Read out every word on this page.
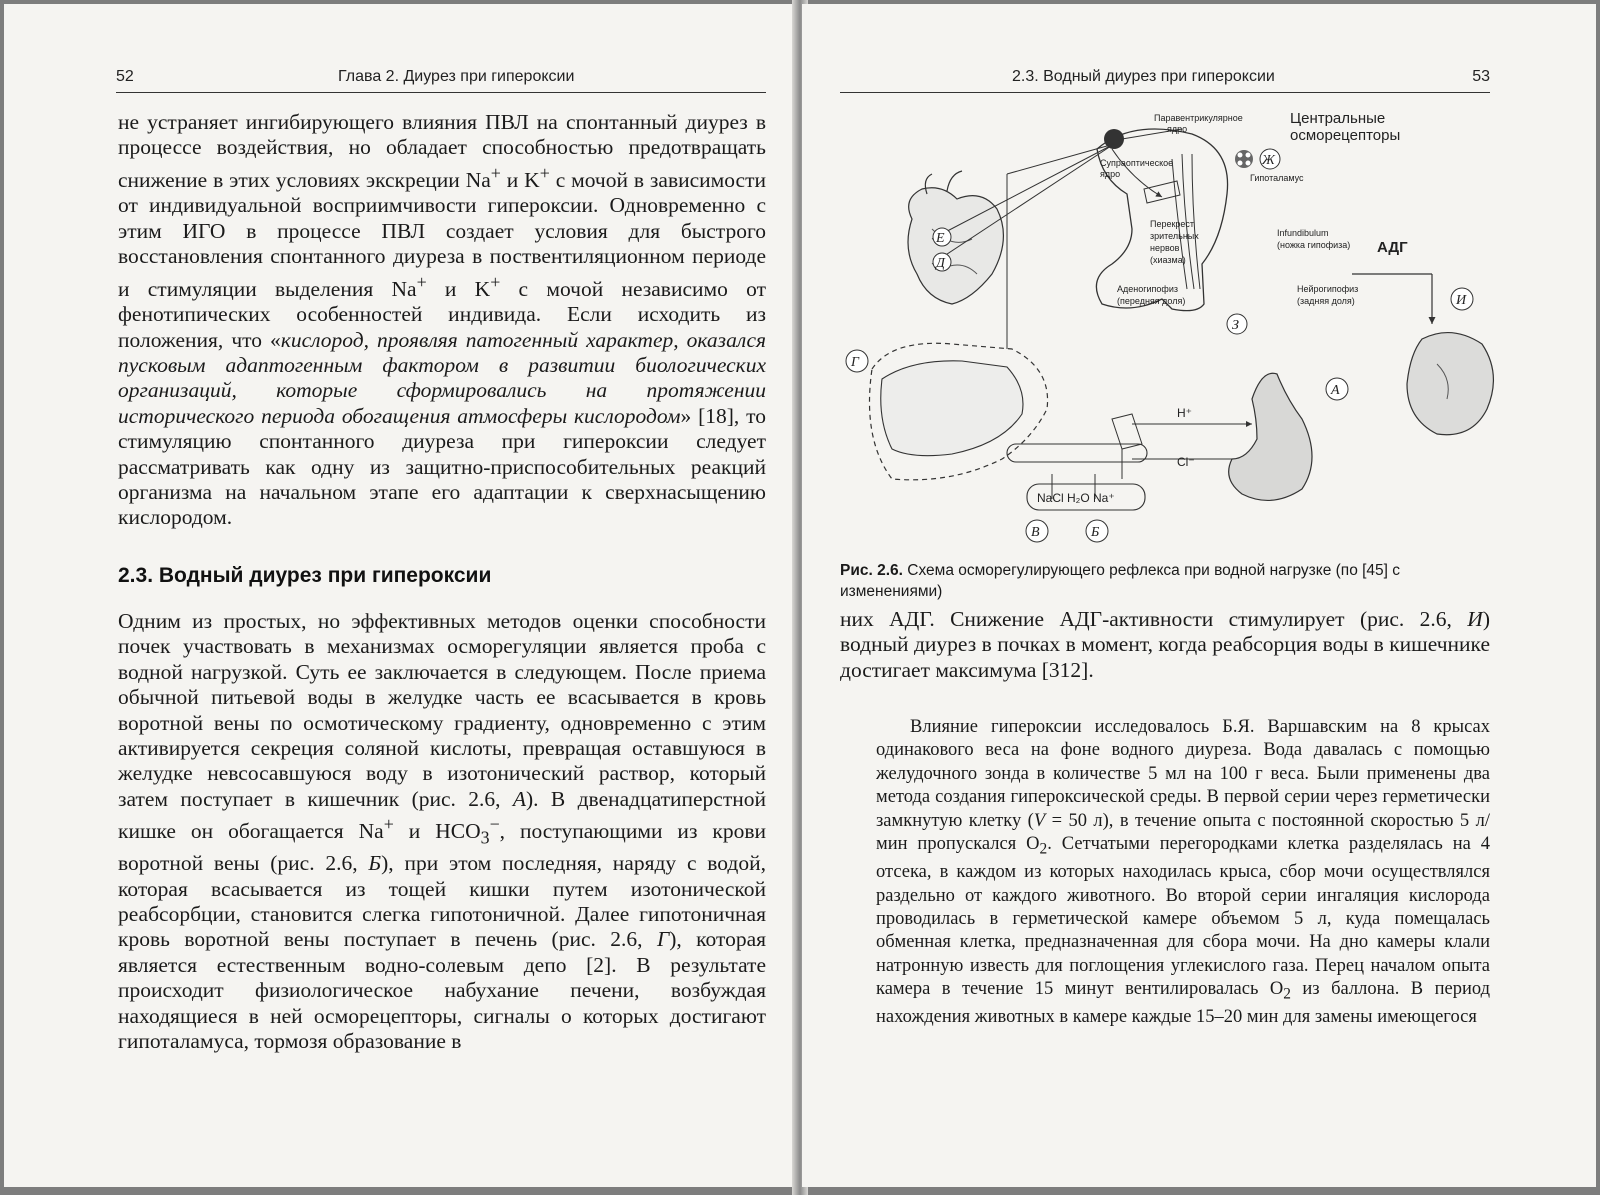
52	Глава 2. Диурез при гипероксии

не устраняет ингибирующего влияния ПВЛ на спонтанный диурез в процессе воздействия, но обладает способностью предотвращать снижение в этих условиях экскреции Na+ и K+ с мочой в зависимости от индивидуальной восприимчивости гипероксии. Одновременно с этим ИГО в процессе ПВЛ создает условия для быстрого восстановления спонтанного диуреза в поствентиляционном периоде и стимуляции выделения Na+ и K+ с мочой независимо от фенотипических особенностей индивида. Если исходить из положения, что «кислород, проявляя патогенный характер, оказался пусковым адаптогенным фактором в развитии биологических организаций, которые сформировались на протяжении исторического периода обогащения атмосферы кислородом» [18], то стимуляцию спонтанного диуреза при гипероксии следует рассматривать как одну из защитно-приспособительных реакций организма на начальном этапе его адаптации к сверхнасыщению кислородом.

2.3. Водный диурез при гипероксии

Одним из простых, но эффективных методов оценки способности почек участвовать в механизмах осморегуляции является проба с водной нагрузкой. Суть ее заключается в следующем. После приема обычной питьевой воды в желудке часть ее всасывается в кровь воротной вены по осмотическому градиенту, одновременно с этим активируется секреция соляной кислоты, превращая оставшуюся в желудке невсосавшуюся воду в изотонический раствор, который затем поступает в кишечник (рис. 2.6, А). В двенадцатиперстной кишке он обогащается Na+ и $HCO_3^-$, поступающими из крови воротной вены (рис. 2.6, Б), при этом последняя, наряду с водой, которая всасывается из тощей кишки путем изотонической реабсорбции, становится слегка гипотоничной. Далее гипотоничная кровь воротной вены поступает в печень (рис. 2.6, Г), которая является естественным водно-солевым депо [2]. В результате происходит физиологическое набухание печени, возбуждая находящиеся в ней осморецепторы, сигналы о которых достигают гипоталамуса, тормозя образование в

2.3. Водный диурез при гипероксии	53
Паравентрикулярное
ядро
Центральные
осморецепторы
Супраоптическое
ядро	Гипоталамус
Перекрест
зрительных
нервов
(хиазма)
Infundibulum
(ножка гипофиза) АДГ
Аденогипофиз
(передняя доля)
Нейрогипофиз
(задняя доля)
H⁺
Cl⁻
NaCl H₂O Na⁺
Е
Д
Ж
З
И
Г
А
В	Б
Рис. 2.6. Схема осморегулирующего рефлекса при водной нагрузке (по [45] с изменениями)

них АДГ. Снижение АДГ-активности стимулирует (рис. 2.6, И) водный диурез в почках в момент, когда реабсорция воды в кишечнике достигает максимума [312].

Влияние гипероксии исследовалось Б.Я. Варшавским на 8 крысах одинакового веса на фоне водного диуреза. Вода давалась с помощью желудочного зонда в количестве 5 мл на 100 г веса. Были применены два метода создания гипероксической среды. В первой серии через герметически замкнутую клетку (V = 50 л), в течение опыта с постоянной скоростью 5 л/мин пропускался $O_2$. Сетчатыми перегородками клетка разделялась на 4 отсека, в каждом из которых находилась крыса, сбор мочи осуществлялся раздельно от каждого животного. Во второй серии ингаляция кислорода проводилась в герметической камере объемом 5 л, куда помещалась обменная клетка, предназначенная для сбора мочи. На дно камеры клали натронную известь для поглощения углекислого газа. Перец началом опыта камера в течение 15 минут вентилировалась $O_2$ из баллона. В период нахождения животных в камере каждые 15–20 мин для замены имеющегося
